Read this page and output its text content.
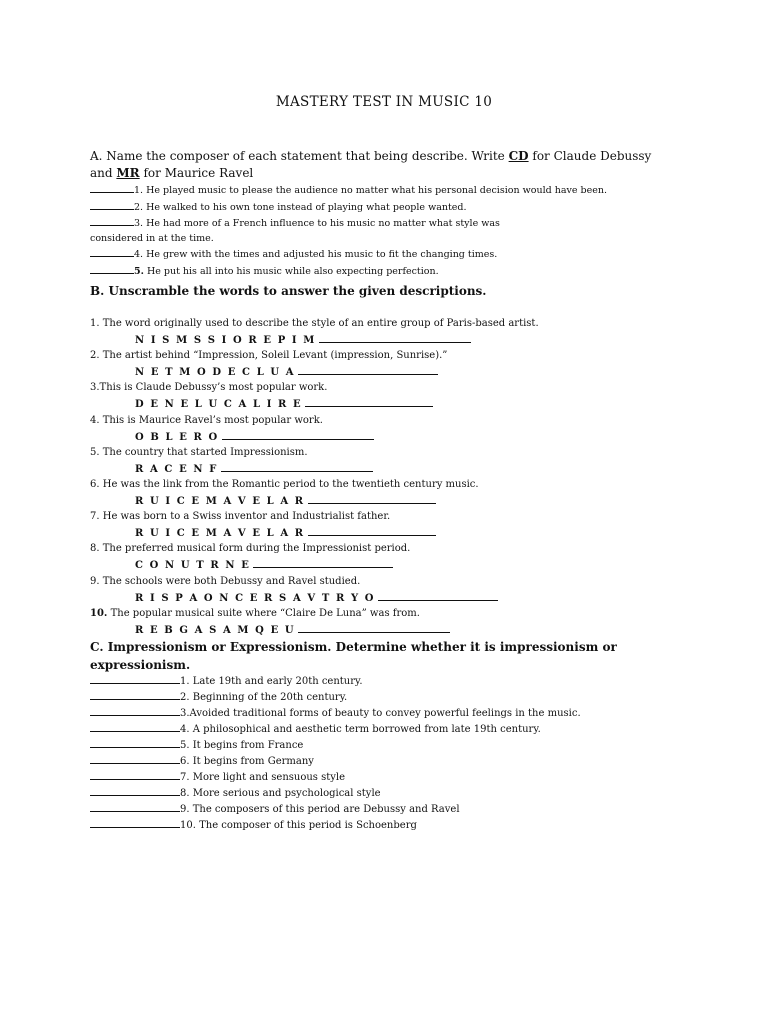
MASTERY TEST IN MUSIC 10
A. Name the composer of each statement that being describe. Write CD for Claude Debussy
and MR for Maurice Ravel
1. He played music to please the audience no matter what his personal decision would have been.
2. He walked to his own tone instead of playing what people wanted.
3. He had more of a French influence to his music no matter what style was
considered in at the time.
4. He grew with the times and adjusted his music to fit the changing times.
5. He put his all into his music while also expecting perfection.
B. Unscramble the words to answer the given descriptions.
1. The word originally used to describe the style of an entire group of Paris-based artist.
N I S M S S I O R E P I M
2. The artist behind “Impression, Soleil Levant (impression, Sunrise).”
N E T M O D E C L U A
3.This is Claude Debussy’s most popular work.
D E N E L U C A L I R E
4. This is Maurice Ravel’s most popular work.
O B L E R O
5. The country that started Impressionism.
R A C E N F
6. He was the link from the Romantic period to the twentieth century music.
R U I C E M A V E L A R
7. He was born to a Swiss inventor and Industrialist father.
R U I C E M A V E L A R
8. The preferred musical form during the Impressionist period.
C O N U T R N E
9. The schools were both Debussy and Ravel studied.
R I S P A O N C E R S A V T R Y O
10. The popular musical suite where “Claire De Luna” was from.
R E B G A S A M Q E U
C. Impressionism or Expressionism. Determine whether it is impressionism or expressionism.
1. Late 19th and early 20th century.
2. Beginning of the 20th century.
3.Avoided traditional forms of beauty to convey powerful feelings in the music.
4. A philosophical and aesthetic term borrowed from late 19th century.
5. It begins from France
6. It begins from Germany
7. More light and sensuous style
8. More serious and psychological style
9. The composers of this period are Debussy and Ravel
10. The composer of this period is Schoenberg
